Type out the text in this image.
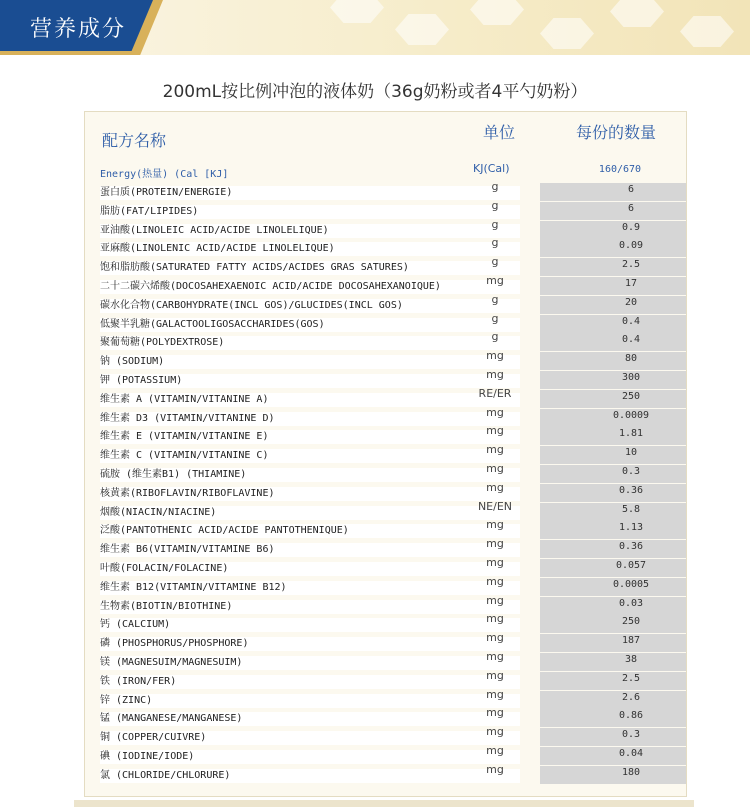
营养成分
200mL按比例冲泡的液体奶（36g奶粉或者4平勺奶粉）
配方名称	单位	每份的数量
Energy(热量) (Cal [KJ]	KJ(Cal)	160/670
蛋白质(PROTEIN/ENERGIE)	g	6
脂肪(FAT/LIPIDES)	g	6
亚油酸(LINOLEIC ACID/ACIDE LINOLELIQUE)	g	0.9
亚麻酸(LINOLENIC ACID/ACIDE LINOLELIQUE)	g	0.09
饱和脂肪酸(SATURATED FATTY ACIDS/ACIDES GRAS SATURES)	g	2.5
二十二碳六烯酸(DOCOSAHEXAENOIC ACID/ACIDE DOCOSAHEXANOIQUE)	mg	17
碳水化合物(CARBOHYDRATE(INCL GOS)/GLUCIDES(INCL GOS)	g	20
低聚半乳糖(GALACTOOLIGOSACCHARIDES(GOS)	g	0.4
聚葡萄糖(POLYDEXTROSE)	g	0.4
钠 (SODIUM)	mg	80
钾 (POTASSIUM)	mg	300
维生素 A (VITAMIN/VITANINE A)	RE/ER	250
维生素 D3 (VITAMIN/VITANINE D)	mg	0.0009
维生素 E (VITAMIN/VITANINE E)	mg	1.81
维生素 C (VITAMIN/VITANINE C)	mg	10
硫胺 (维生素B1) (THIAMINE)	mg	0.3
核黄素(RIBOFLAVIN/RIBOFLAVINE)	mg	0.36
烟酸(NIACIN/NIACINE)	NE/EN	5.8
泛酸(PANTOTHENIC ACID/ACIDE PANTOTHENIQUE)	mg	1.13
维生素 B6(VITAMIN/VITAMINE B6)	mg	0.36
叶酸(FOLACIN/FOLACINE)	mg	0.057
维生素 B12(VITAMIN/VITAMINE B12)	mg	0.0005
生物素(BIOTIN/BIOTHINE)	mg	0.03
钙 (CALCIUM)	mg	250
磷 (PHOSPHORUS/PHOSPHORE)	mg	187
镁 (MAGNESUIM/MAGNESUIM)	mg	38
铁 (IRON/FER)	mg	2.5
锌 (ZINC)	mg	2.6
锰 (MANGANESE/MANGANESE)	mg	0.86
铜 (COPPER/CUIVRE)	mg	0.3
碘 (IODINE/IODE)	mg	0.04
氯 (CHLORIDE/CHLORURE)	mg	180
